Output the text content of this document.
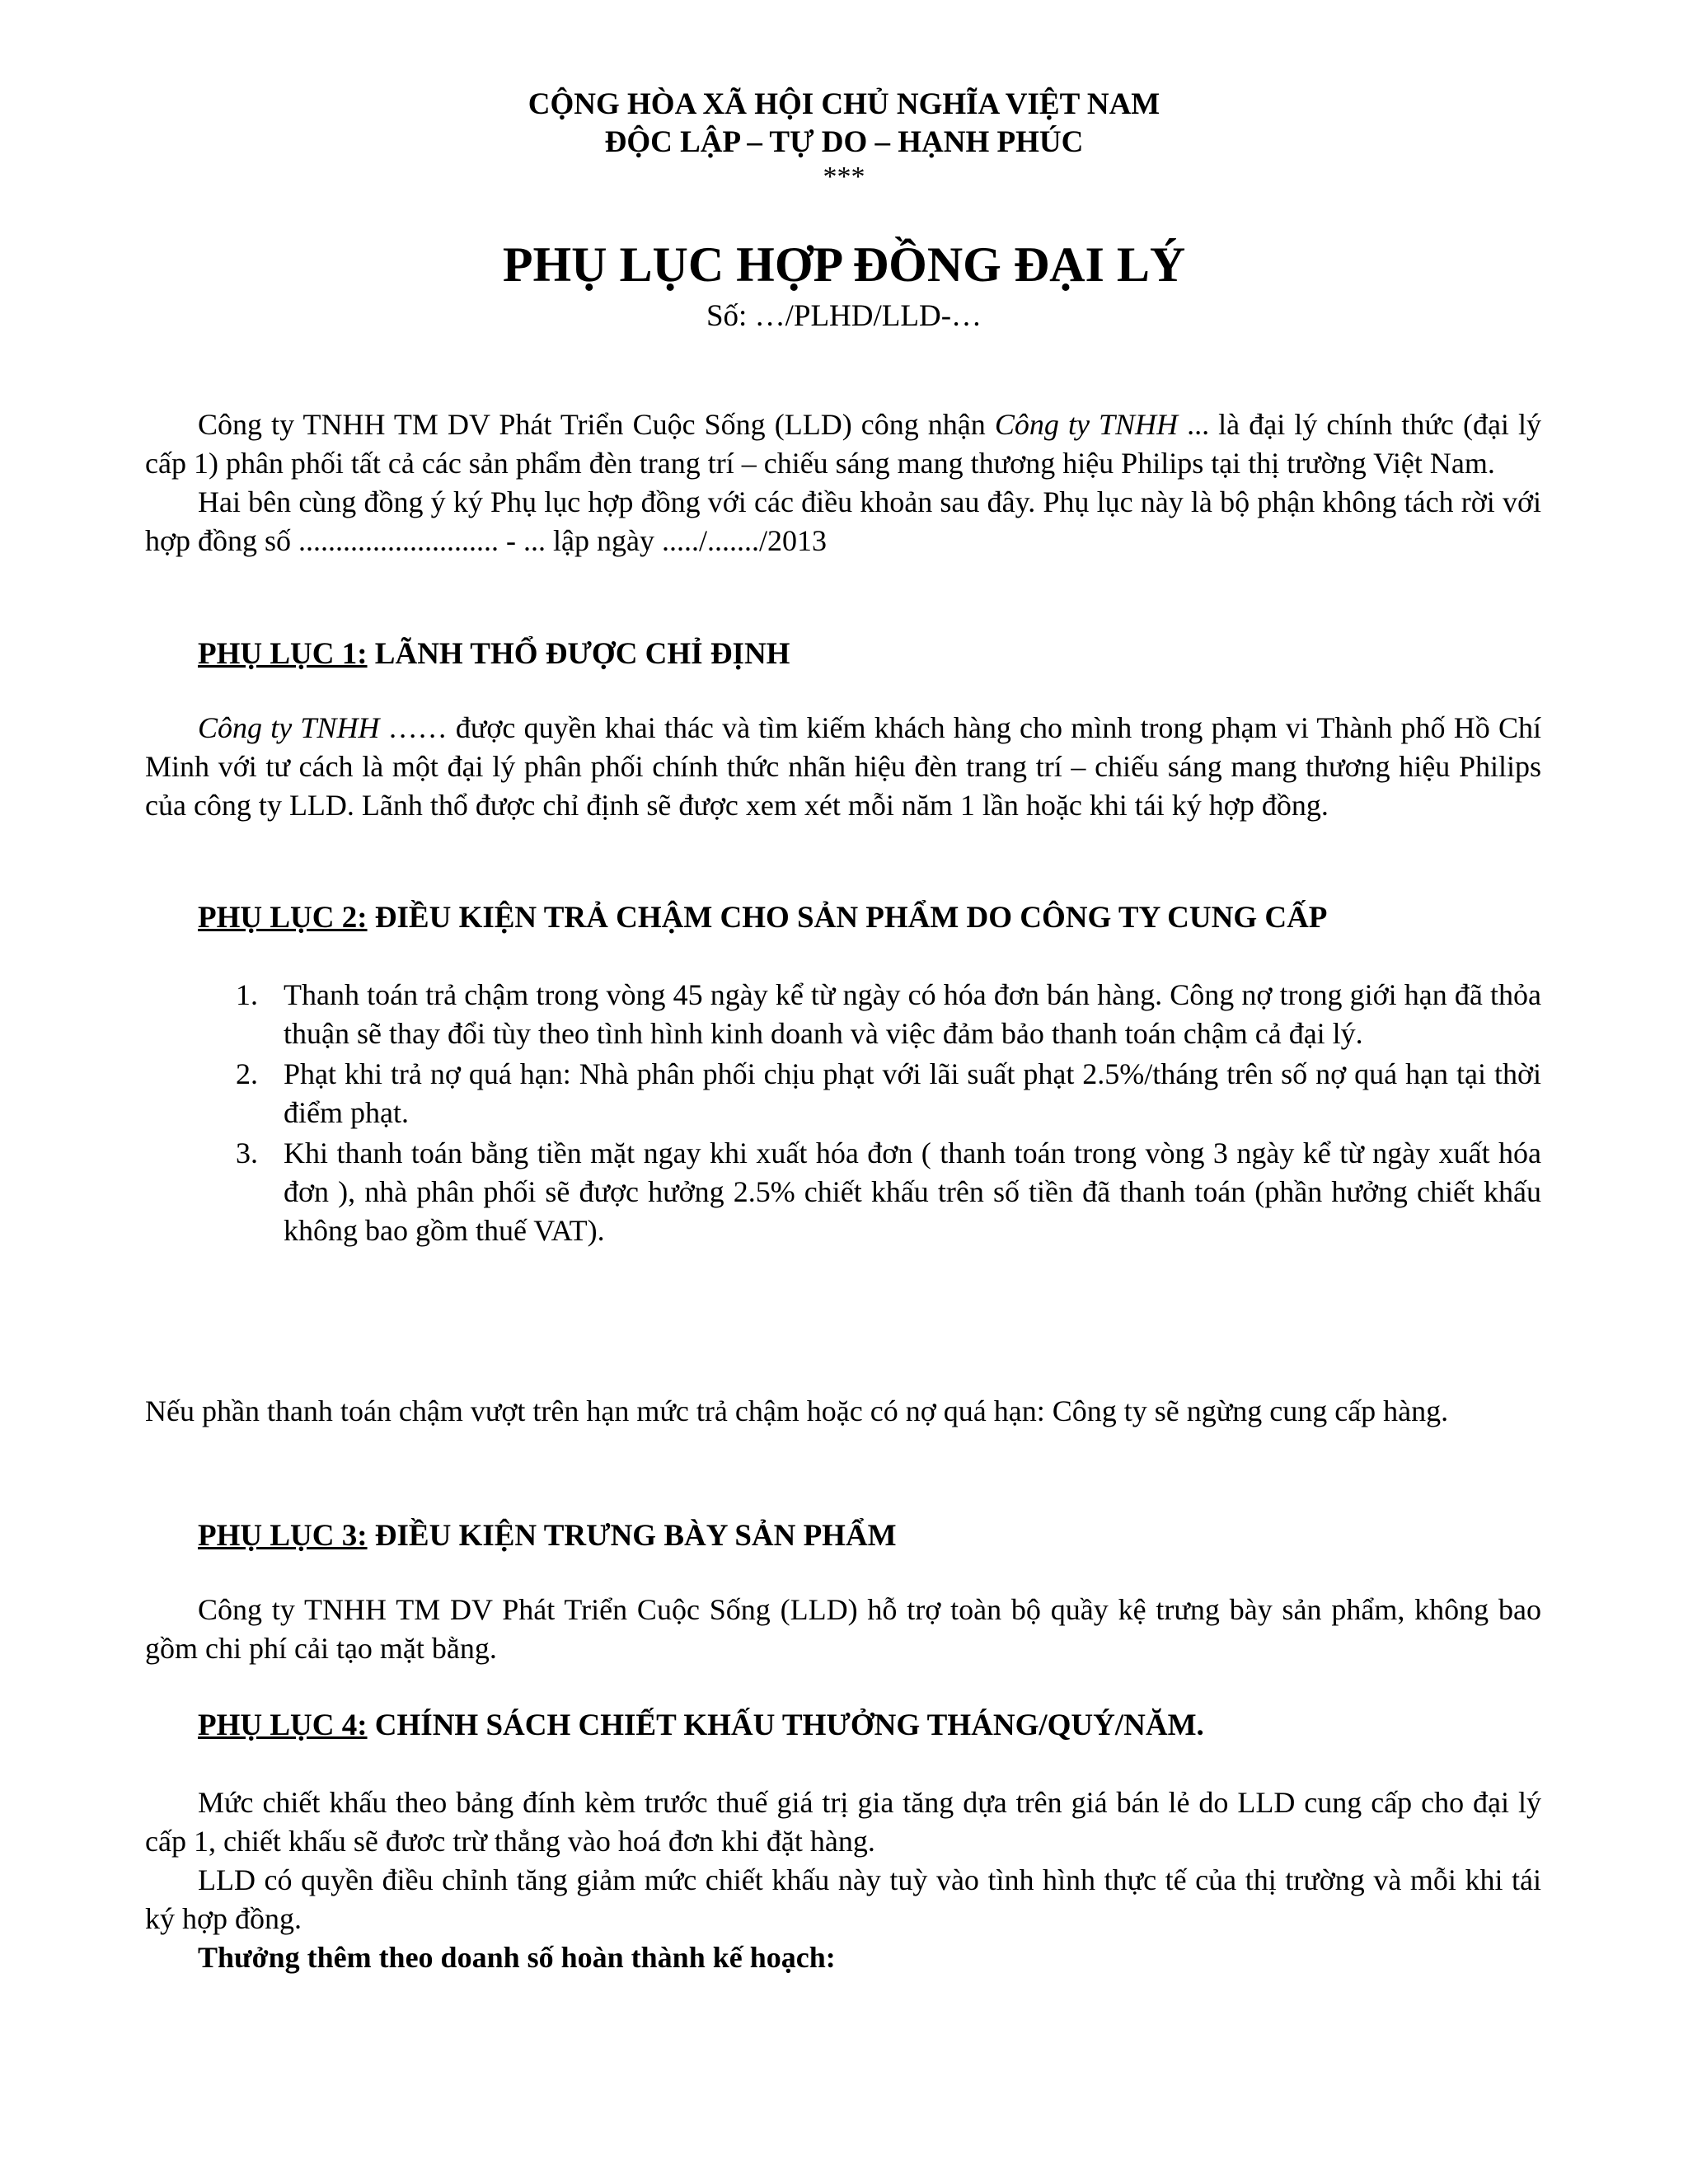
CỘNG HÒA XÃ HỘI CHỦ NGHĨA VIỆT NAM
ĐỘC LẬP – TỰ DO – HẠNH PHÚC
***
PHỤ LỤC HỢP ĐỒNG ĐẠI LÝ
Số: …/PLHD/LLD-…

Công ty TNHH TM DV Phát Triển Cuộc Sống (LLD) công nhận Công ty TNHH ... là đại lý chính thức (đại lý cấp 1) phân phối tất cả các sản phẩm đèn trang trí – chiếu sáng mang thương hiệu Philips tại thị trường Việt Nam.

Hai bên cùng đồng ý ký Phụ lục hợp đồng với các điều khoản sau đây. Phụ lục này là bộ phận không tách rời với hợp đồng số ........................... - ... lập ngày ...../......./2013

PHỤ LỤC 1: LÃNH THỔ ĐƯỢC CHỈ ĐỊNH

Công ty TNHH …… được quyền khai thác và tìm kiếm khách hàng cho mình trong phạm vi Thành phố Hồ Chí Minh với tư cách là một đại lý phân phối chính thức nhãn hiệu đèn trang trí – chiếu sáng mang thương hiệu Philips của công ty LLD. Lãnh thổ được chỉ định sẽ được xem xét mỗi năm 1 lần hoặc khi tái ký hợp đồng.

PHỤ LỤC 2: ĐIỀU KIỆN TRẢ CHẬM CHO SẢN PHẨM DO CÔNG TY CUNG CẤP
1. Thanh toán trả chậm trong vòng 45 ngày kể từ ngày có hóa đơn bán hàng. Công nợ trong giới hạn đã thỏa thuận sẽ thay đổi tùy theo tình hình kinh doanh và việc đảm bảo thanh toán chậm cả đại lý.
2. Phạt khi trả nợ quá hạn: Nhà phân phối chịu phạt với lãi suất phạt 2.5%/tháng trên số nợ quá hạn tại thời điểm phạt.
3. Khi thanh toán bằng tiền mặt ngay khi xuất hóa đơn ( thanh toán trong vòng 3 ngày kể từ ngày xuất hóa đơn ), nhà phân phối sẽ được hưởng 2.5% chiết khấu trên số tiền đã thanh toán (phần hưởng chiết khấu không bao gồm thuế VAT).

Nếu phần thanh toán chậm vượt trên hạn mức trả chậm hoặc có nợ quá hạn: Công ty sẽ ngừng cung cấp hàng.

PHỤ LỤC 3: ĐIỀU KIỆN TRƯNG BÀY SẢN PHẨM

Công ty TNHH TM DV Phát Triển Cuộc Sống (LLD) hỗ trợ toàn bộ quầy kệ trưng bày sản phẩm, không bao gồm chi phí cải tạo mặt bằng.

PHỤ LỤC 4: CHÍNH SÁCH CHIẾT KHẤU THƯỞNG THÁNG/QUÝ/NĂM.

Mức chiết khấu theo bảng đính kèm trước thuế giá trị gia tăng dựa trên giá bán lẻ do LLD cung cấp cho đại lý cấp 1, chiết khấu sẽ đươc trừ thẳng vào hoá đơn khi đặt hàng.

LLD có quyền điều chỉnh tăng giảm mức chiết khấu này tuỳ vào tình hình thực tế của thị trường và mỗi khi tái ký hợp đồng.

Thưởng thêm theo doanh số hoàn thành kế hoạch:
